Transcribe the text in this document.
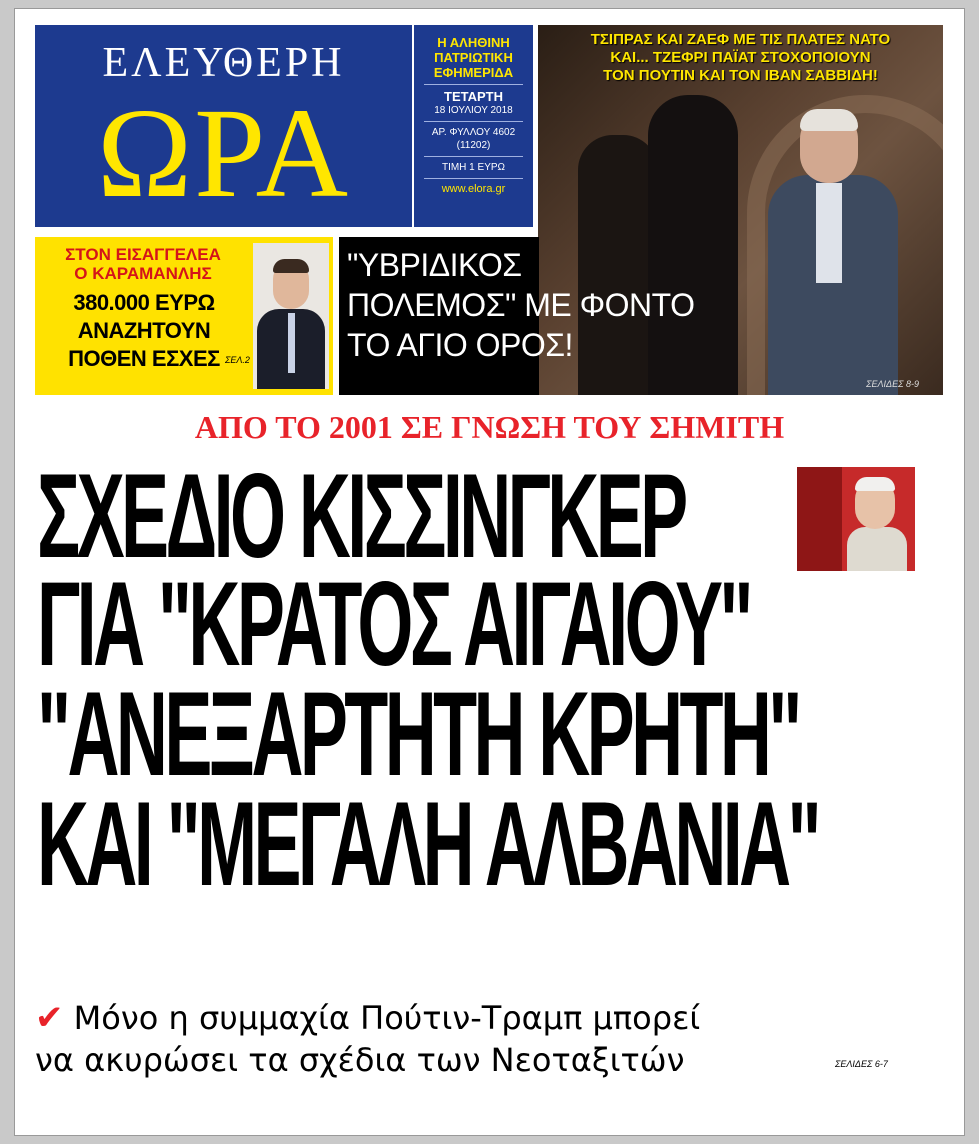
ΕΛΕΥΘΕΡΗ
ΩΡΑ
Η ΑΛΗΘΙΝΗ
ΠΑΤΡΙΩΤΙΚΗ
ΕΦΗΜΕΡΙΔΑ
ΤΕΤΑΡΤΗ
18 ΙΟΥΛΙΟΥ 2018
ΑΡ. ΦΥΛΛΟΥ 4602 (11202)
ΤΙΜΗ 1 ΕΥΡΩ
www.elora.gr
ΤΣΙΠΡΑΣ ΚΑΙ ΖΑΕΦ ΜΕ ΤΙΣ ΠΛΑΤΕΣ ΝΑΤΟ
ΚΑΙ... ΤΖΕΦΡΙ ΠΑΪΑΤ ΣΤΟΧΟΠΟΙΟΥΝ
ΤΟΝ ΠΟΥΤΙΝ ΚΑΙ ΤΟΝ ΙΒΑΝ ΣΑΒΒΙΔΗ!
ΣΕΛΙΔΕΣ 8-9
ΣΤΟΝ ΕΙΣΑΓΓΕΛΕΑ
Ο ΚΑΡΑΜΑΝΛΗΣ
380.000 ΕΥΡΩ
ΑΝΑΖΗΤΟΥΝ
ΠΟΘΕΝ ΕΣΧΕΣ ΣΕΛ.2
"ΥΒΡΙΔΙΚΟΣ
ΠΟΛΕΜΟΣ" ΜΕ ΦΟΝΤΟ
ΤΟ ΑΓΙΟ ΟΡΟΣ!
ΑΠΟ ΤΟ 2001 ΣΕ ΓΝΩΣΗ ΤΟΥ ΣΗΜΙΤΗ
ΣΧΕΔΙΟ ΚΙΣΣΙΝΓΚΕΡ
ΓΙΑ "ΚΡΑΤΟΣ ΑΙΓΑΙΟΥ"
"ΑΝΕΞΑΡΤΗΤΗ ΚΡΗΤΗ"
ΚΑΙ "ΜΕΓΑΛΗ ΑΛΒΑΝΙΑ"
✔ Μόνο η συμμαχία Πούτιν-Τραμπ μπορεί
να ακυρώσει τα σχέδια των Νεοταξιτών	ΣΕΛΙΔΕΣ 6-7
